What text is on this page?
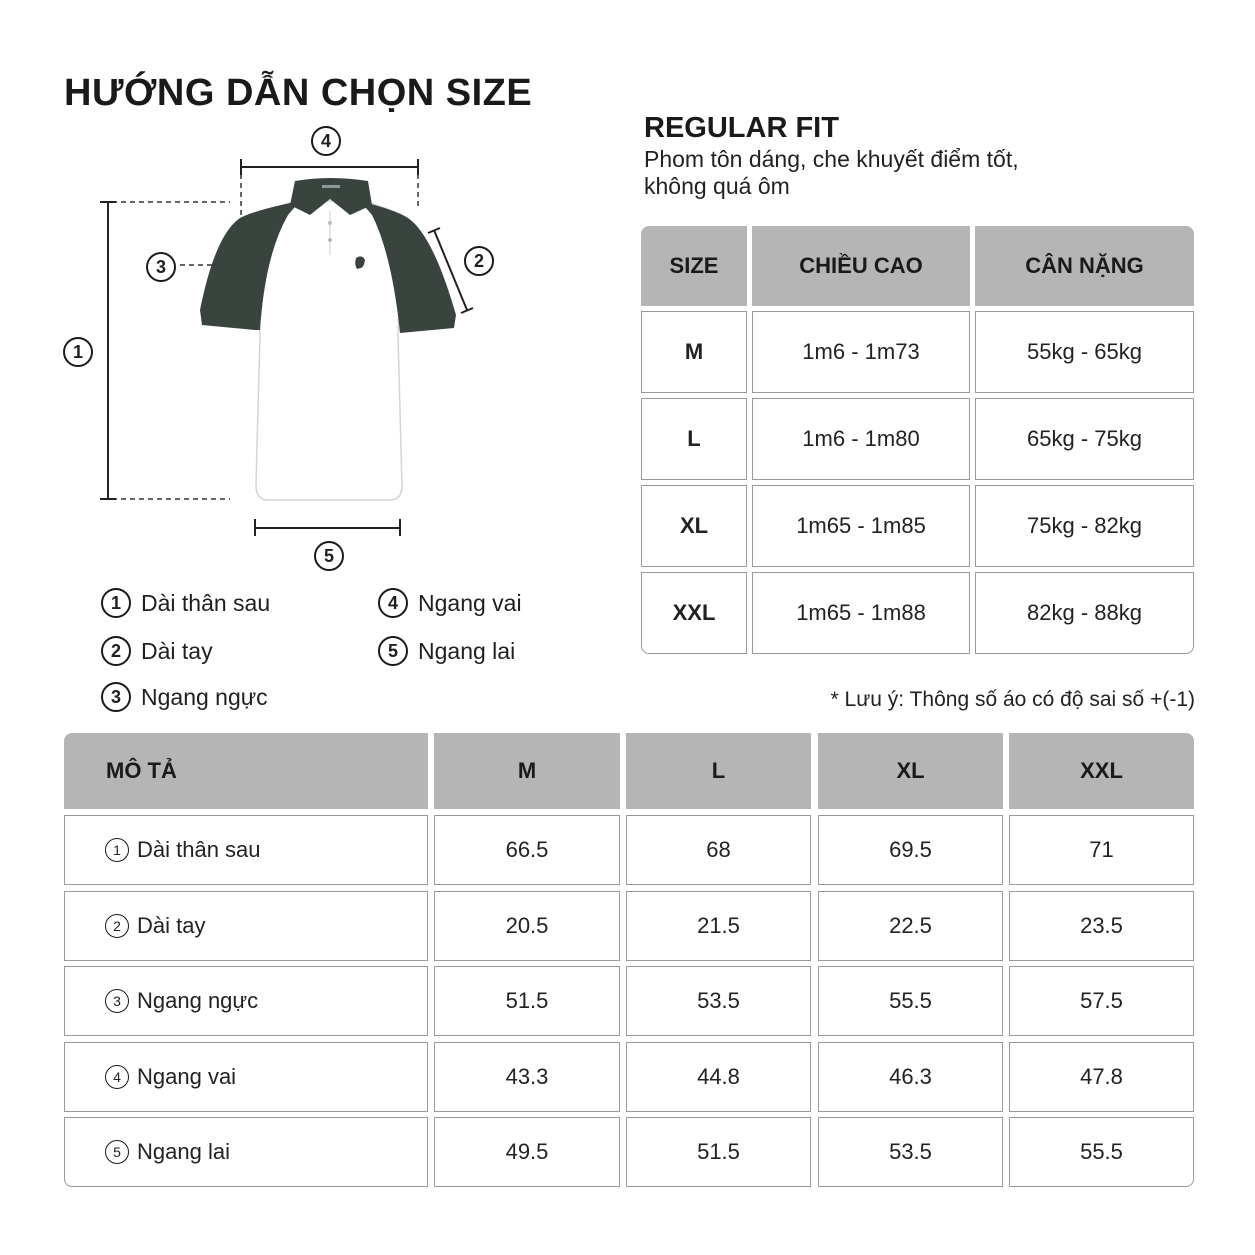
HƯỚNG DẪN CHỌN SIZE
REGULAR FIT
Phom tôn dáng, che khuyết điểm tốt,
không quá ôm
4
3	2
1
5
1 Dài thân sau
2 Dài tay
3 Ngang ngực
4 Ngang vai
5 Ngang lai
SIZE	CHIỀU CAO	CÂN NẶNG
M	1m6 - 1m73	55kg - 65kg
L	1m6 - 1m80	65kg - 75kg
XL	1m65 - 1m85	75kg - 82kg
XXL	1m65 - 1m88	82kg - 88kg
* Lưu ý: Thông số áo có độ sai số +(-1)
MÔ TẢ	M	L	XL	XXL
1 Dài thân sau	66.5	68	69.5	71
2 Dài tay	20.5	21.5	22.5	23.5
3 Ngang ngực	51.5	53.5	55.5	57.5
4 Ngang vai	43.3	44.8	46.3	47.8
5 Ngang lai	49.5	51.5	53.5	55.5
